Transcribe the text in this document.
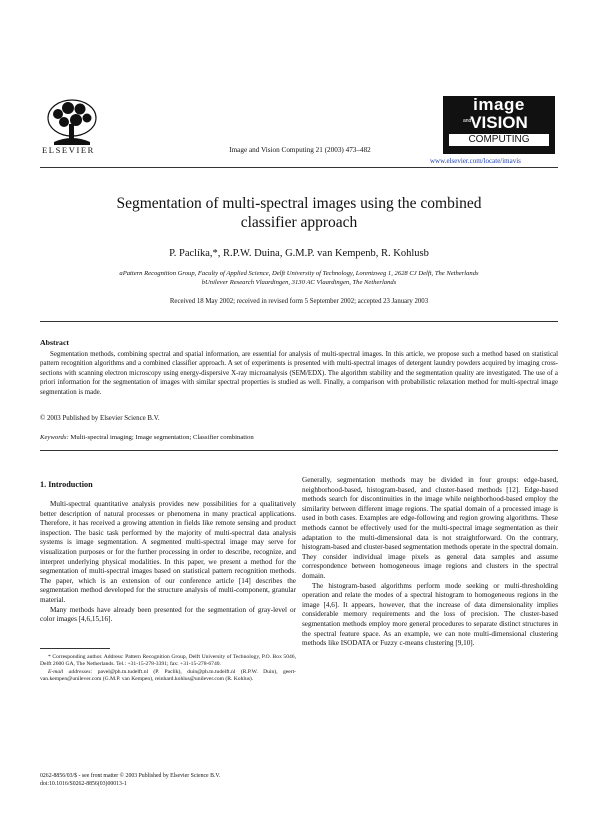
ELSEVIER	Image and Vision Computing 21 (2003) 473–482
image
and
VISION
COMPUTING
www.elsevier.com/locate/imavis
Segmentation of multi-spectral images using the combined
classifier approach
P. Paclíka,*, R.P.W. Duina, G.M.P. van Kempenb, R. Kohlusb
aPattern Recognition Group, Faculty of Applied Science, Delft University of Technology, Lorentzweg 1, 2628 CJ Delft, The Netherlands
bUnilever Research Vlaardingen, 3130 AC Vlaardingen, The Netherlands
Received 18 May 2002; received in revised form 5 September 2002; accepted 23 January 2003
Abstract
Segmentation methods, combining spectral and spatial information, are essential for analysis of multi-spectral images. In this article, we propose such a method based on statistical pattern recognition algorithms and a combined classifier approach. A set of experiments is presented with multi-spectral images of detergent laundry powders acquired by imaging cross-sections with scanning electron microscopy using energy-dispersive X-ray microanalysis (SEM/EDX). The algorithm stability and the segmentation quality are investigated. The use of a priori information for the segmentation of images with similar spectral properties is studied as well. Finally, a comparison with probabilistic relaxation method for multi-spectral image segmentation is made.
© 2003 Published by Elsevier Science B.V.
Keywords: Multi-spectral imaging; Image segmentation; Classifier combination
1. Introduction

Multi-spectral quantitative analysis provides new possibilities for a qualitatively better description of natural processes or phenomena in many practical applications. Therefore, it has received a growing attention in fields like remote sensing and product inspection. The basic task performed by the majority of multi-spectral data analysis systems is image segmentation. A segmented multi-spectral image may serve for visualization purposes or for the further processing in order to describe, recognize, and interpret underlying physical modalities. In this paper, we present a method for the segmentation of multi-spectral images based on statistical pattern recognition methods. The paper, which is an extension of our conference article [14] describes the segmentation method developed for the structure analysis of multi-component, granular material.

Many methods have already been presented for the segmentation of gray-level or color images [4,6,15,16].

Generally, segmentation methods may be divided in four groups: edge-based, neighborhood-based, histogram-based, and cluster-based methods [12]. Edge-based methods search for discontinuities in the image while neighborhood-based employ the similarity between different image regions. The spatial domain of a processed image is used in both cases. Examples are edge-following and region growing algorithms. These methods cannot be effectively used for the multi-spectral image segmentation as their adaptation to the multi-dimensional data is not straightforward. On the contrary, histogram-based and cluster-based segmentation methods operate in the spectral domain. They consider individual image pixels as general data samples and assume correspondence between homogeneous image regions and clusters in the spectral domain.

The histogram-based algorithms perform mode seeking or multi-thresholding operation and relate the modes of a spectral histogram to homogeneous regions in the image [4,6]. It appears, however, that the increase of data dimensionality implies considerable memory requirements and the loss of precision. The cluster-based segmentation methods employ more general procedures to separate distinct structures in the spectral feature space. As an example, we can note multi-dimensional clustering methods like ISODATA or Fuzzy c-means clustering [9,10].

* Corresponding author. Address: Pattern Recognition Group, Delft University of Technology, P.O. Box 5046, Delft 2600 GA, The Netherlands. Tel.: +31-15-278-3391; fax: +31-15-278-6740.
E-mail addresses: pavel@ph.tn.tudelft.nl (P. Paclík), duin@ph.tn.tudelft.nl (R.P.W. Duin), geert-van.kempen@unilever.com (G.M.P. van Kempen), reinhard.kohlus@unilever.com (R. Kohlus).
0262-8856/03/$ - see front matter © 2003 Published by Elsevier Science B.V.
doi:10.1016/S0262-8856(03)00013-1
